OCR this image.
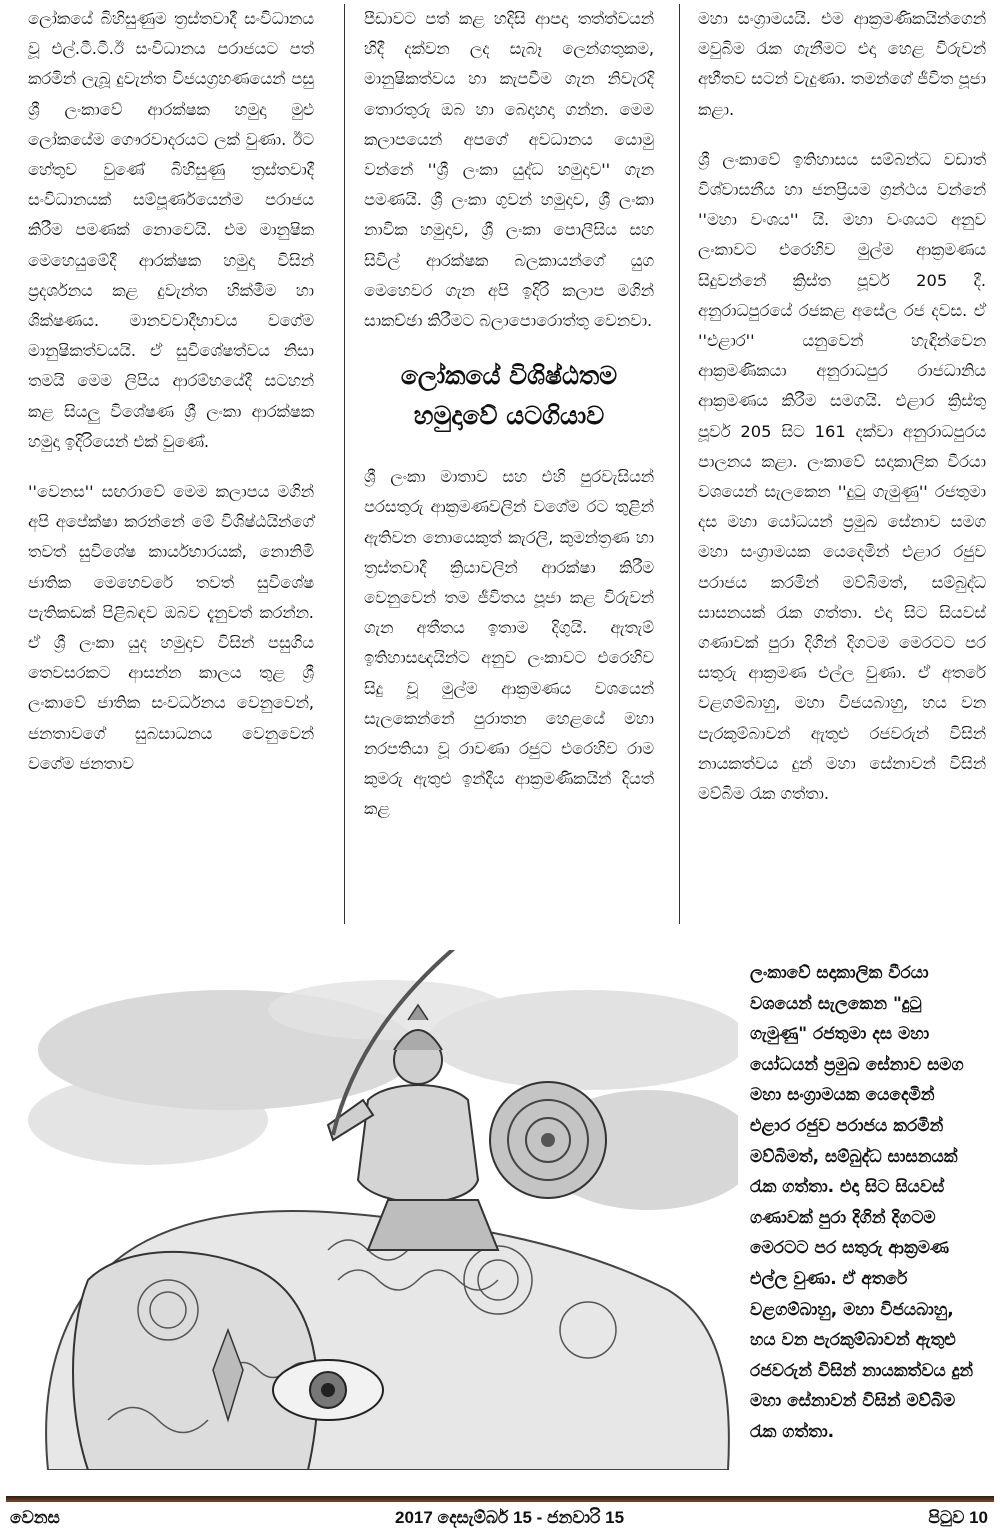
ලෝකයේ බිහිසුණුම ත්‍රස්තවාදී සංවිධානය වූ එල්.ටී.ටී.ඊ සංවිධානය පරාජයට පත් කරමින් ලැබූ දුවැන්ත විජයග්‍රහණයෙන් පසු ශ්‍රී ලංකාවේ ආරක්ෂක හමුදා මුළු ලෝකයේම ගෞරවාදරයට ලක් වුණා. ඊට හේතුව වුණේ බිහිසුණු ත්‍රස්තවාදී සංවිධානයක් සම්පූර්ණයෙන්ම පරාජය කිරීම පමණක් නොවෙයි. එම මානුෂික මෙහෙයුමේදී ආරක්ෂක හමුදා විසින් ප්‍රදර්ශනය කළ දුවැන්ත හික්මීම හා ශික්ෂණය. මානවවාදීභාවය වගේම මානුෂිකත්වයයි. ඒ සුවිශේෂත්වය නිසා තමයි මෙම ලිපිය ආරම්භයේදී සටහන් කළ සියලු විශේෂණ ශ්‍රී ලංකා ආරක්ෂක හමුදා ඉදිරියෙන් එක් වුණේ.

''වෙනස'' සඟරාවේ මෙම කලාපය මගින් අපි අපේක්ෂා කරන්නේ මේ විශිෂ්ඨයින්ගේ තවත් සුවිශේෂ කාර්යභාරයක්, නොනිමි ජාතික මෙහෙවරේ තවත් සුවිශේෂ පැතිකඩක් පිළිබඳව ඔබව දැනුවත් කරන්න. ඒ ශ්‍රී ලංකා යුද හමුදාව විසින් පසුගිය තෙවසරකට ආසන්න කාලය තුළ ශ්‍රී ලංකාවේ ජාතික සංවර්ධනය වෙනුවෙන්, ජනතාවගේ සුබසාධනය වෙනුවෙන් වගේම ජනතාව

පීඩාවට පත් කළ හදිසි ආපදා තත්ත්වයන් හිදී දක්වන ලද සැබෑ ලෙන්ගතුකම, මානුෂිකත්වය හා කැපවීම ගැන නිවැරදි තොරතුරු ඔබ හා බෙදාහදා ගන්න. මෙම කලාපයෙන් අපගේ අවධානය යොමු වන්නේ ''ශ්‍රී ලංකා යුද්ධ හමුදාව'' ගැන පමණයි. ශ්‍රී ලංකා ගුවන් හමුදාව, ශ්‍රී ලංකා නාවික හමුදාව, ශ්‍රී ලංකා පොලීසිය සහ සිවිල් ආරක්ෂක බලකායන්ගේ යුග මෙහෙවර ගැන අපි ඉදිරි කලාප මගින් සාකච්ඡා කිරීමට බලාපොරොත්තු වෙනවා.

ලෝකයේ විශිෂ්ඨතම හමුදාවේ යටගියාව

ශ්‍රී ලංකා මාතාව සහ එහි පුරවැසියන් පරසතුරු ආක්‍රමණවලින් වගේම රට තුළින් ඇතිවන නොයෙකුත් කැරලි, කුමන්ත්‍රණ හා ත්‍රස්තවාදී ක්‍රියාවලින් ආරක්ෂා කිරීම වෙනුවෙන් තම ජීවිතය පූජා කළ විරුවන් ගැන අතීතය ඉතාම දිගුයි. ඇතැම් ඉතිහාසඥයින්ට අනුව ලංකාවට එරෙහිව සිදු වූ මුල්ම ආක්‍රමණය වශයෙන් සැලකෙන්නේ පුරාතන හෙළයේ මහා නරපතියා වූ රාවණා රජුට එරෙහිව රාම කුමරු ඇතුළු ඉන්දීය ආක්‍රමණිකයින් දියත් කළ

මහා සංග්‍රාමයයි. එම ආක්‍රමණිකයින්ගෙන් මවුබිම රැක ගැනීමට එදා හෙළ විරුවන් අභීතව සටන් වැදුණා. තමන්ගේ ජීවිත පූජා කළා.

ශ්‍රී ලංකාවේ ඉතිහාසය සම්බන්ධ වඩාත් විශ්වාසනීය හා ජනප්‍රියම ග්‍රන්ථය වන්නේ ''මහා වංශය'' යි. මහා වංශයට අනුව ලංකාවට එරෙහිව මුල්ම ආක්‍රමණය සිදුවන්නේ ක්‍රිස්ත පූර්ව 205 දී. අනුරාධපුරයේ රජකළ අසේල රජ දවස. ඒ ''එළාර'' යනුවෙන් හැඳින්වෙන ආක්‍රමණිකයා අනුරාධපුර රාජධානිය ආක්‍රමණය කිරීම සමගයි. එළාර ක්‍රිස්තු පූර්ව 205 සිට 161 දක්වා අනුරාධපුරය පාලනය කළා. ලංකාවේ සදාකාලික වීරයා වශයෙන් සැලකෙන ''දුටු ගැමුණු'' රජතුමා දස මහා යෝධයන් ප්‍රමුඛ සේනාව සමග මහා සංග්‍රාමයක යෙදෙමින් එළාර රජුව පරාජය කරමින් මව්බිමත්, සම්බුද්ධ සාසනයක් රැක ගත්තා. එදා සිට සියවස් ගණාවක් පුරා දිගින් දිගටම මෙරටට පර සතුරු ආක්‍රමණ එල්ල වුණා. ඒ අතරේ වළගම්බාහු, මහා විජයබාහු, හය වන පැරකුම්බාවන් ඇතුළු රජවරුන් විසින් නායකත්වය දුන් මහා සේනාවන් විසින් මව්බිම රැක ගත්තා.

ලංකාවේ සදාකාලික වීරයා වශයෙන් සැලකෙන "දුටු ගැමුණු" රජතුමා දස මහා යෝධයන් ප්‍රමුඛ සේනාව සමග මහා සංග්‍රාමයක යෙදෙමින් එළාර රජුව පරාජය කරමින් මව්බිමත්, සම්බුද්ධ සාසනයක් රැක ගත්තා. එදා සිට සියවස් ගණාවක් පුරා දිගින් දිගටම මෙරටට පර සතුරු ආක්‍රමණ එල්ල වුණා. ඒ අතරේ වළගම්බාහු, මහා විජයබාහු, හය වන පැරකුම්බාවන් ඇතුළු රජවරුන් විසින් නායකත්වය දුන් මහා සේනාවන් විසින් මව්බිම රැක ගත්තා.
වෙනස	2017 දෙසැම්බර් 15 - ජනවාරි 15	පිටුව 10
